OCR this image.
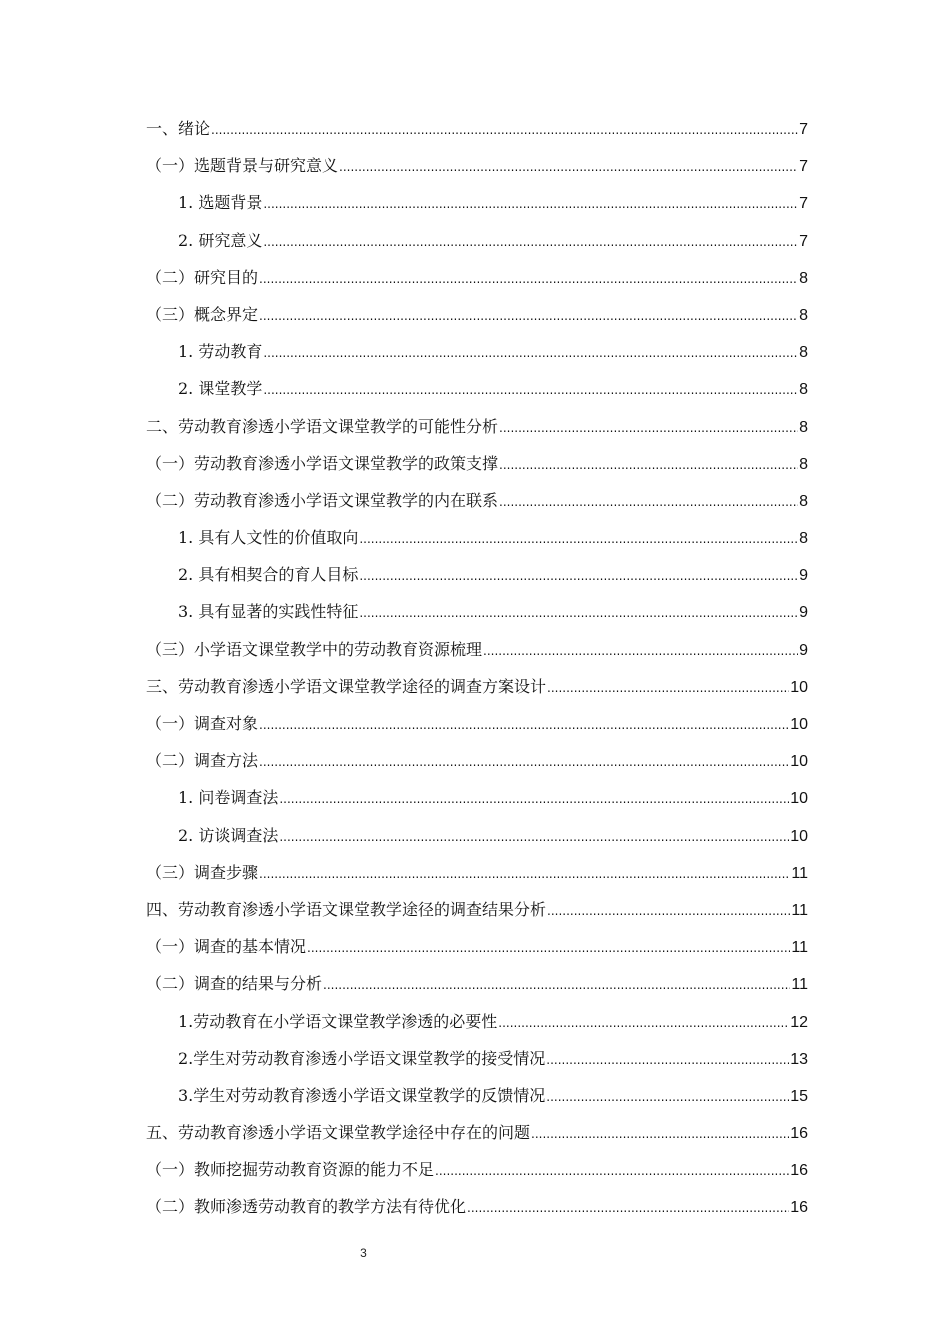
一、绪论 .....	7
（一）选题背景与研究意义 .....	7
1. 选题背景 .....	7
2. 研究意义 .....	7
（二）研究目的 .....	8
（三）概念界定 .....	8
1. 劳动教育 .....	8
2. 课堂教学 .....	8
二、劳动教育渗透小学语文课堂教学的可能性分析 .....	8
（一）劳动教育渗透小学语文课堂教学的政策支撑 .....	8
（二）劳动教育渗透小学语文课堂教学的内在联系 .....	8
1. 具有人文性的价值取向 .....	8
2. 具有相契合的育人目标 .....	9
3. 具有显著的实践性特征 .....	9
（三）小学语文课堂教学中的劳动教育资源梳理 .....	9
三、劳动教育渗透小学语文课堂教学途径的调查方案设计 .....	10
（一）调查对象 .....	10
（二）调查方法 .....	10
1. 问卷调查法 .....	10
2. 访谈调查法 .....	10
（三）调查步骤 .....	11
四、劳动教育渗透小学语文课堂教学途径的调查结果分析 .....	11
（一）调查的基本情况 .....	11
（二）调查的结果与分析 .....	11
1.劳动教育在小学语文课堂教学渗透的必要性 .....	12
2.学生对劳动教育渗透小学语文课堂教学的接受情况 .....	13
3.学生对劳动教育渗透小学语文课堂教学的反馈情况 .....	15
五、劳动教育渗透小学语文课堂教学途径中存在的问题 .....	16
（一）教师挖掘劳动教育资源的能力不足 .....	16
（二）教师渗透劳动教育的教学方法有待优化 .....	16
3
